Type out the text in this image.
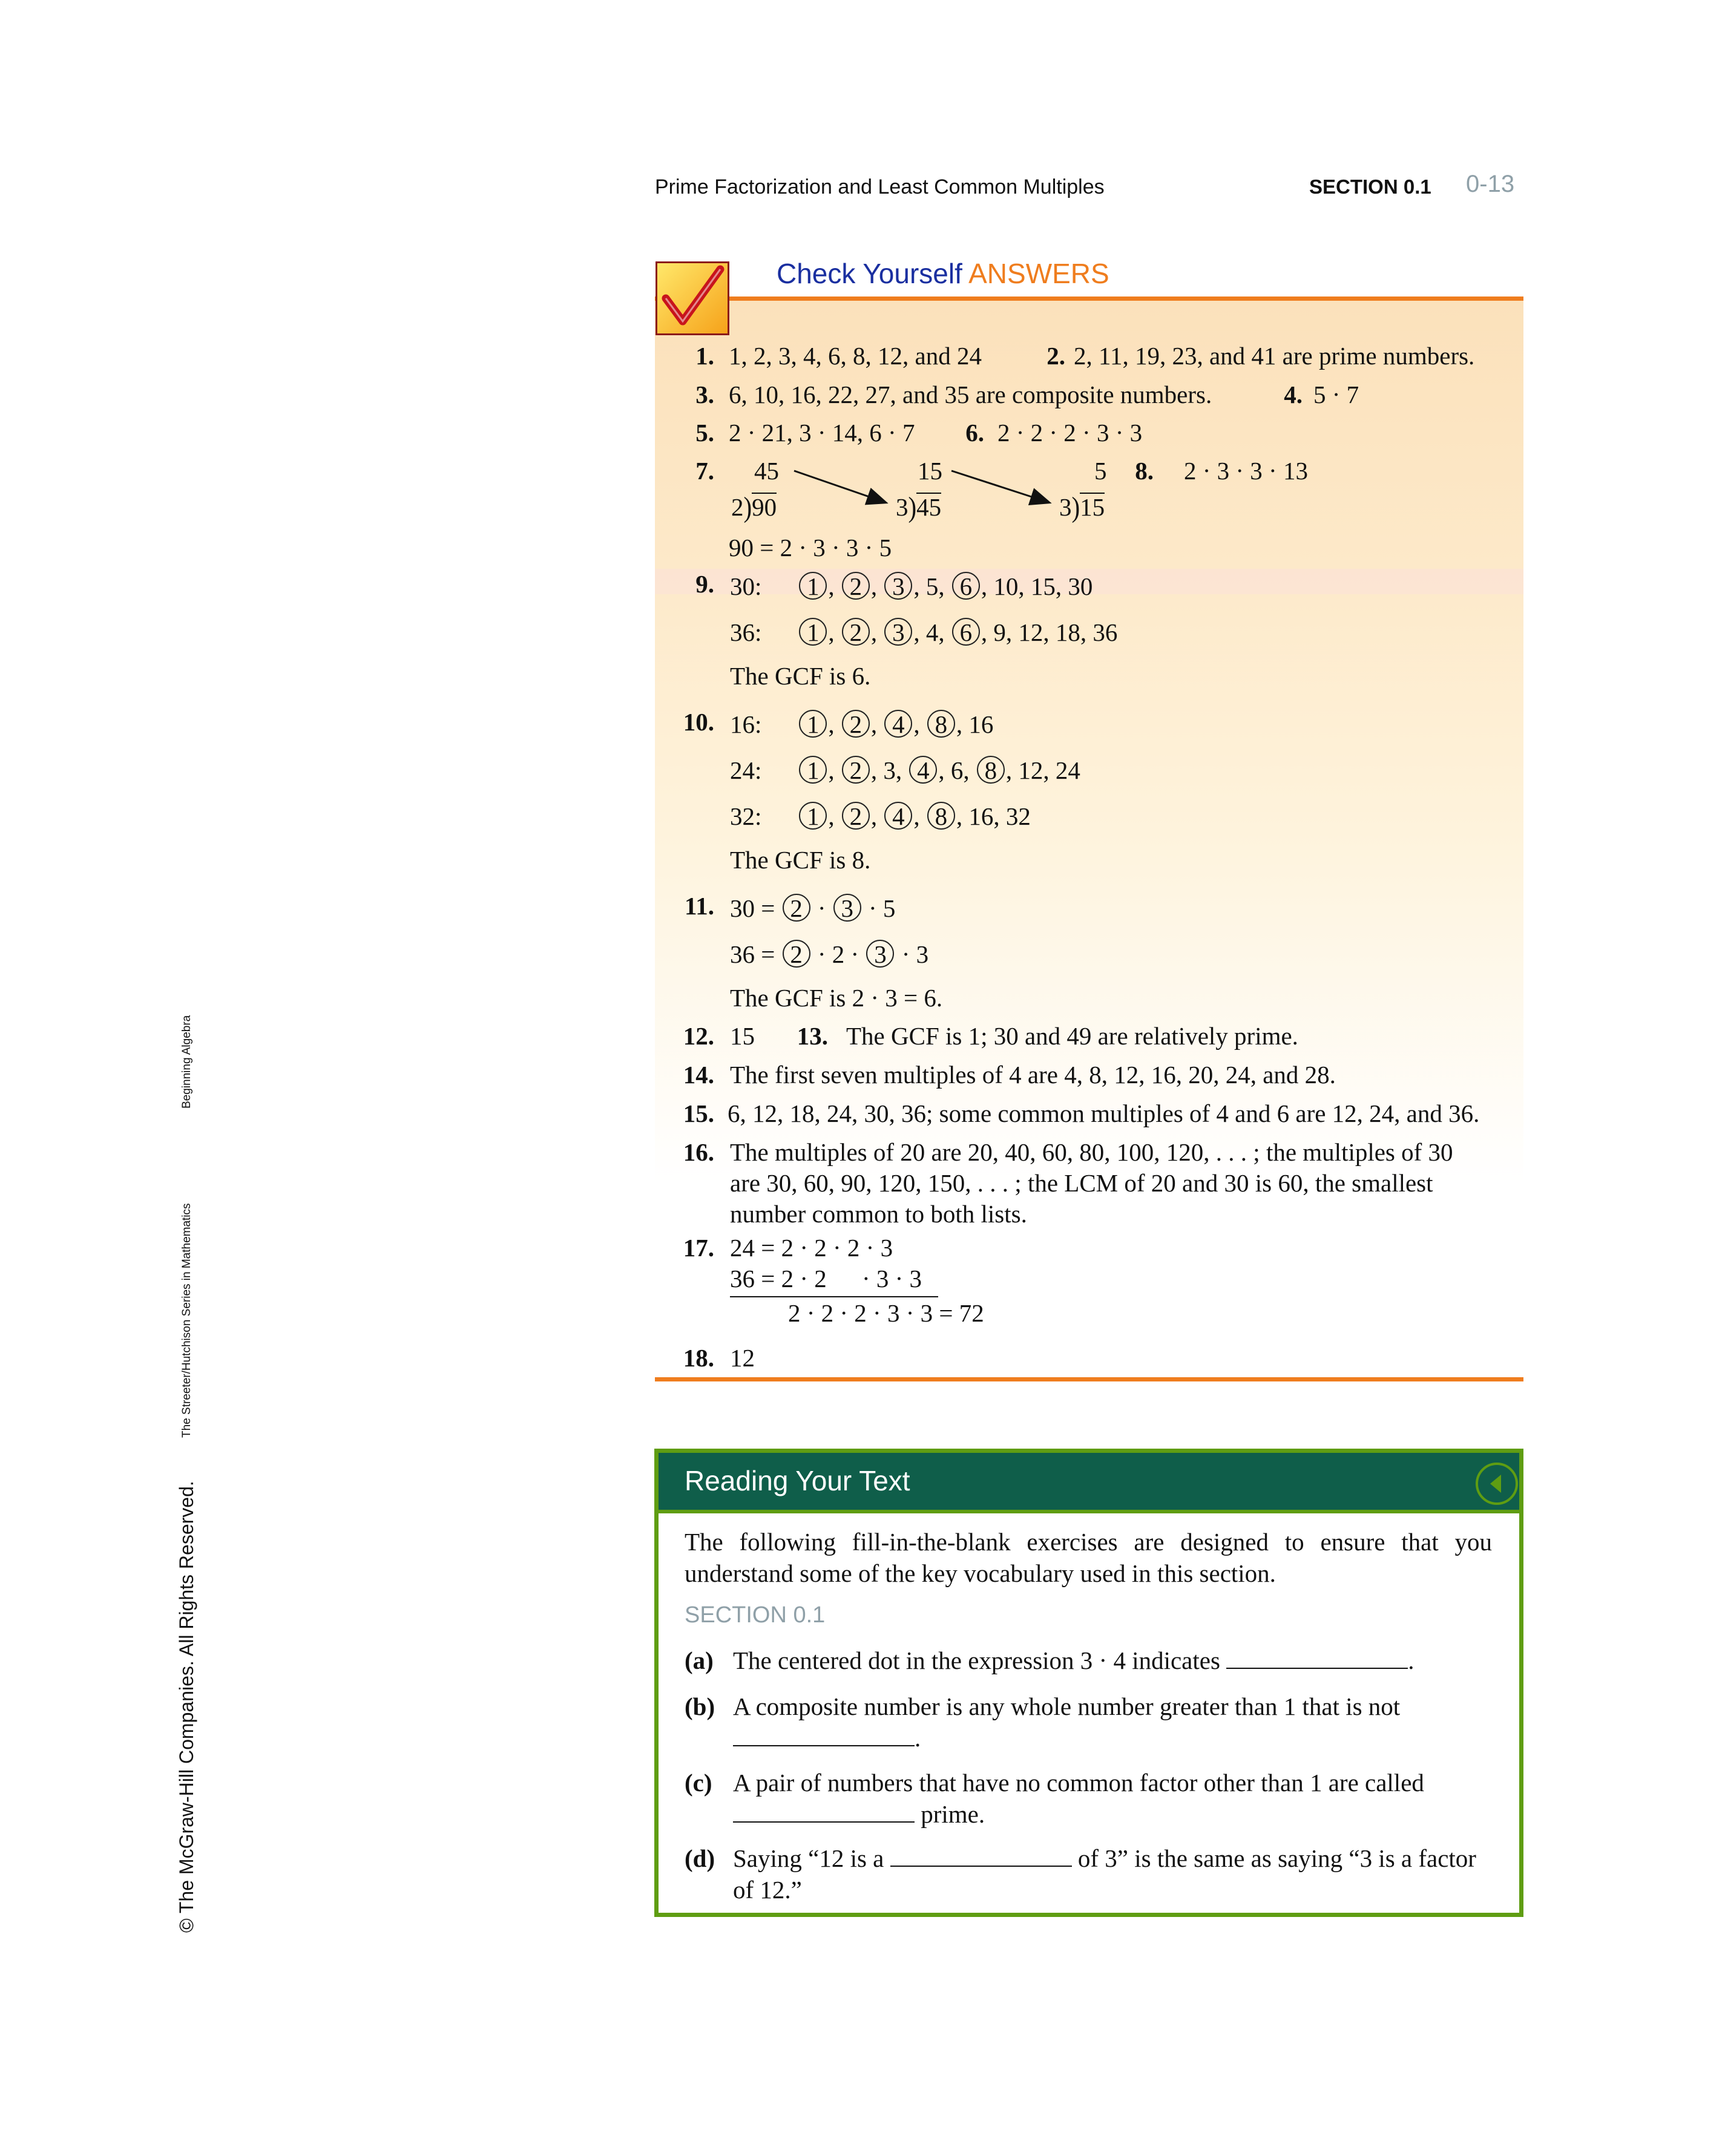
Prime Factorization and Least Common Multiples	SECTION 0.1 0-13
© The McGraw-Hill Companies. All Rights Reserved.
The Streeter/Hutchison Series in Mathematics
Beginning Algebra
Check Yourself ANSWERS
1. 1, 2, 3, 4, 6, 8, 12, and 24	2. 2, 11, 19, 23, and 41 are prime numbers.
3. 6, 10, 16, 22, 27, and 35 are composite numbers.	4. 5 · 7
5. 2 · 21, 3 · 14, 6 · 7	6. 2 · 2 · 2 · 3 · 3
7. 45
2)90
15
3)45
5
3)15
90 = 2 · 3 · 3 · 5
8. 2 · 3 · 3 · 13
9. 30: 1 , 2 , 3 , 5, 6 , 10, 15, 30
36: 1 , 2 , 3 , 4, 6 , 9, 12, 18, 36
The GCF is 6.
10. 16: 1 , 2 , 4 , 8 , 16
24: 1 , 2 , 3, 4 , 6, 8 , 12, 24
32: 1 , 2 , 4 , 8 , 16, 32
The GCF is 8.
11. 30 = 2 · 3 · 5
36 = 2 · 2 · 3 · 3
The GCF is 2 · 3 = 6.
12. 15	13. The GCF is 1; 30 and 49 are relatively prime.
14. The first seven multiples of 4 are 4, 8, 12, 16, 20, 24, and 28.
15. 6, 12, 18, 24, 30, 36; some common multiples of 4 and 6 are 12, 24, and 36.
16. The multiples of 20 are 20, 40, 60, 80, 100, 120, . . . ; the multiples of 30
are 30, 60, 90, 120, 150, . . . ; the LCM of 20 and 30 is 60, the smallest
number common to both lists.
17. 24 = 2 · 2 · 2 · 3
36 = 2 · 2 · 3 · 3
2 · 2 · 2 · 3 · 3 = 72
18. 12
Reading Your Text
The following fill-in-the-blank exercises are designed to ensure that you understand some of the key vocabulary used in this section.
SECTION 0.1
(a) The centered dot in the expression 3 · 4 indicates	.
(b) A composite number is any whole number greater than 1 that is not
.
(c) A pair of numbers that have no common factor other than 1 are called
prime.
(d) Saying “12 is a	of 3” is the same as saying “3 is a factor
of 12.”
